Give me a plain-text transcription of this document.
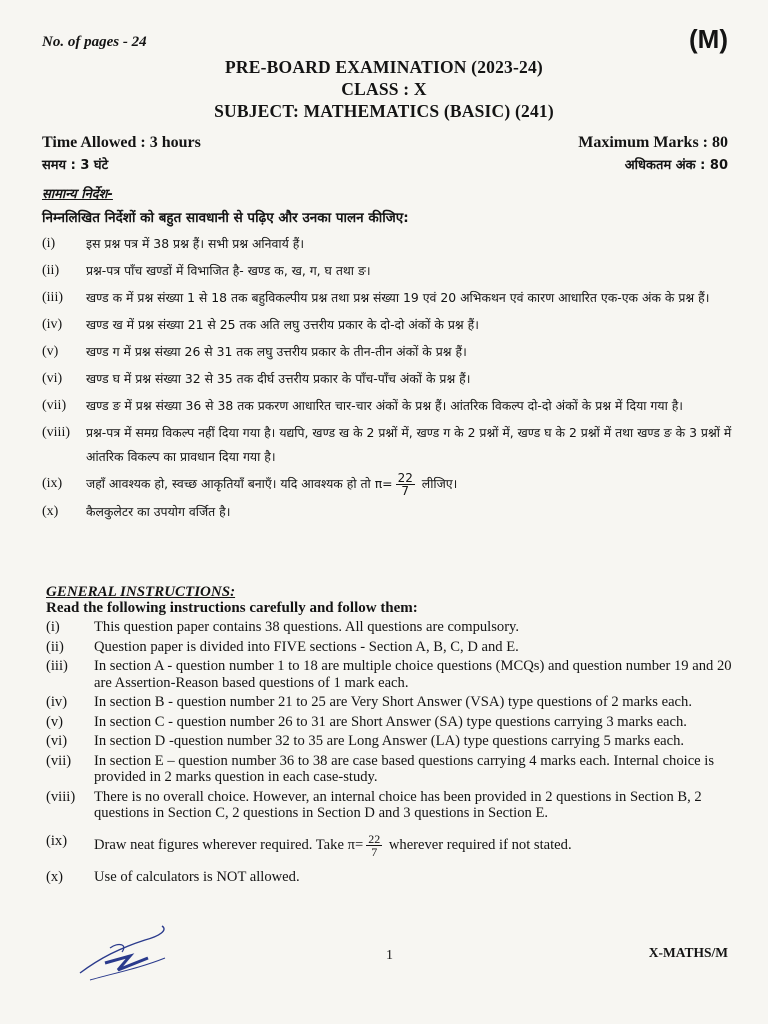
No. of pages - 24	(M)
PRE-BOARD EXAMINATION (2023-24)
CLASS : X
SUBJECT: MATHEMATICS (BASIC) (241)
Time Allowed : 3 hours
समय : 3 घंटे
Maximum Marks : 80
अधिकतम अंक : 80
सामान्य निर्देश-
निम्नलिखित निर्देशों को बहुत सावधानी से पढ़िए और उनका पालन कीजिए:
(i) इस प्रश्न पत्र में 38 प्रश्न हैं। सभी प्रश्न अनिवार्य हैं।
(ii) प्रश्न-पत्र पाँच खण्डों में विभाजित है- खण्ड क, ख, ग, घ तथा ङ।
(iii) खण्ड क में प्रश्न संख्या 1 से 18 तक बहुविकल्पीय प्रश्न तथा प्रश्न संख्या 19 एवं 20 अभिकथन एवं कारण आधारित एक-एक अंक के प्रश्न हैं।
(iv) खण्ड ख में प्रश्न संख्या 21 से 25 तक अति लघु उत्तरीय प्रकार के दो-दो अंकों के प्रश्न हैं।
(v) खण्ड ग में प्रश्न संख्या 26 से 31 तक लघु उत्तरीय प्रकार के तीन-तीन अंकों के प्रश्न हैं।
(vi) खण्ड घ में प्रश्न संख्या 32 से 35 तक दीर्घ उत्तरीय प्रकार के पाँच-पाँच अंकों के प्रश्न हैं।
(vii) खण्ड ङ में प्रश्न संख्या 36 से 38 तक प्रकरण आधारित चार-चार अंकों के प्रश्न हैं। आंतरिक विकल्प दो-दो अंकों के प्रश्न में दिया गया है।
(viii) प्रश्न-पत्र में समग्र विकल्प नहीं दिया गया है। यद्यपि, खण्ड ख के 2 प्रश्नों में, खण्ड ग के 2 प्रश्नों में, खण्ड घ के 2 प्रश्नों में तथा खण्ड ङ के 3 प्रश्नों में आंतरिक विकल्प का प्रावधान दिया गया है।
(ix) जहाँ आवश्यक हो, स्वच्छ आकृतियाँ बनाएँ। यदि आवश्यक हो तो $\pi= \frac{22}{7}$ लीजिए।
(x) कैलकुलेटर का उपयोग वर्जित है।
GENERAL INSTRUCTIONS:
Read the following instructions carefully and follow them:
(i) This question paper contains 38 questions. All questions are compulsory.
(ii) Question paper is divided into FIVE sections - Section A, B, C, D and E.
(iii) In section A - question number 1 to 18 are multiple choice questions (MCQs) and question number 19 and 20 are Assertion-Reason based questions of 1 mark each.
(iv) In section B - question number 21 to 25 are Very Short Answer (VSA) type questions of 2 marks each.
(v) In section C - question number 26 to 31 are Short Answer (SA) type questions carrying 3 marks each.
(vi) In section D -question number 32 to 35 are Long Answer (LA) type questions carrying 5 marks each.
(vii) In section E – question number 36 to 38 are case based questions carrying 4 marks each. Internal choice is provided in 2 marks question in each case-study.
(viii) There is no overall choice. However, an internal choice has been provided in 2 questions in Section B, 2 questions in Section C, 2 questions in Section D and 3 questions in Section E.
(ix) Draw neat figures wherever required. Take $\pi= \frac{22}{7}$ wherever required if not stated.
(x) Use of calculators is NOT allowed.
1	X-MATHS/M
